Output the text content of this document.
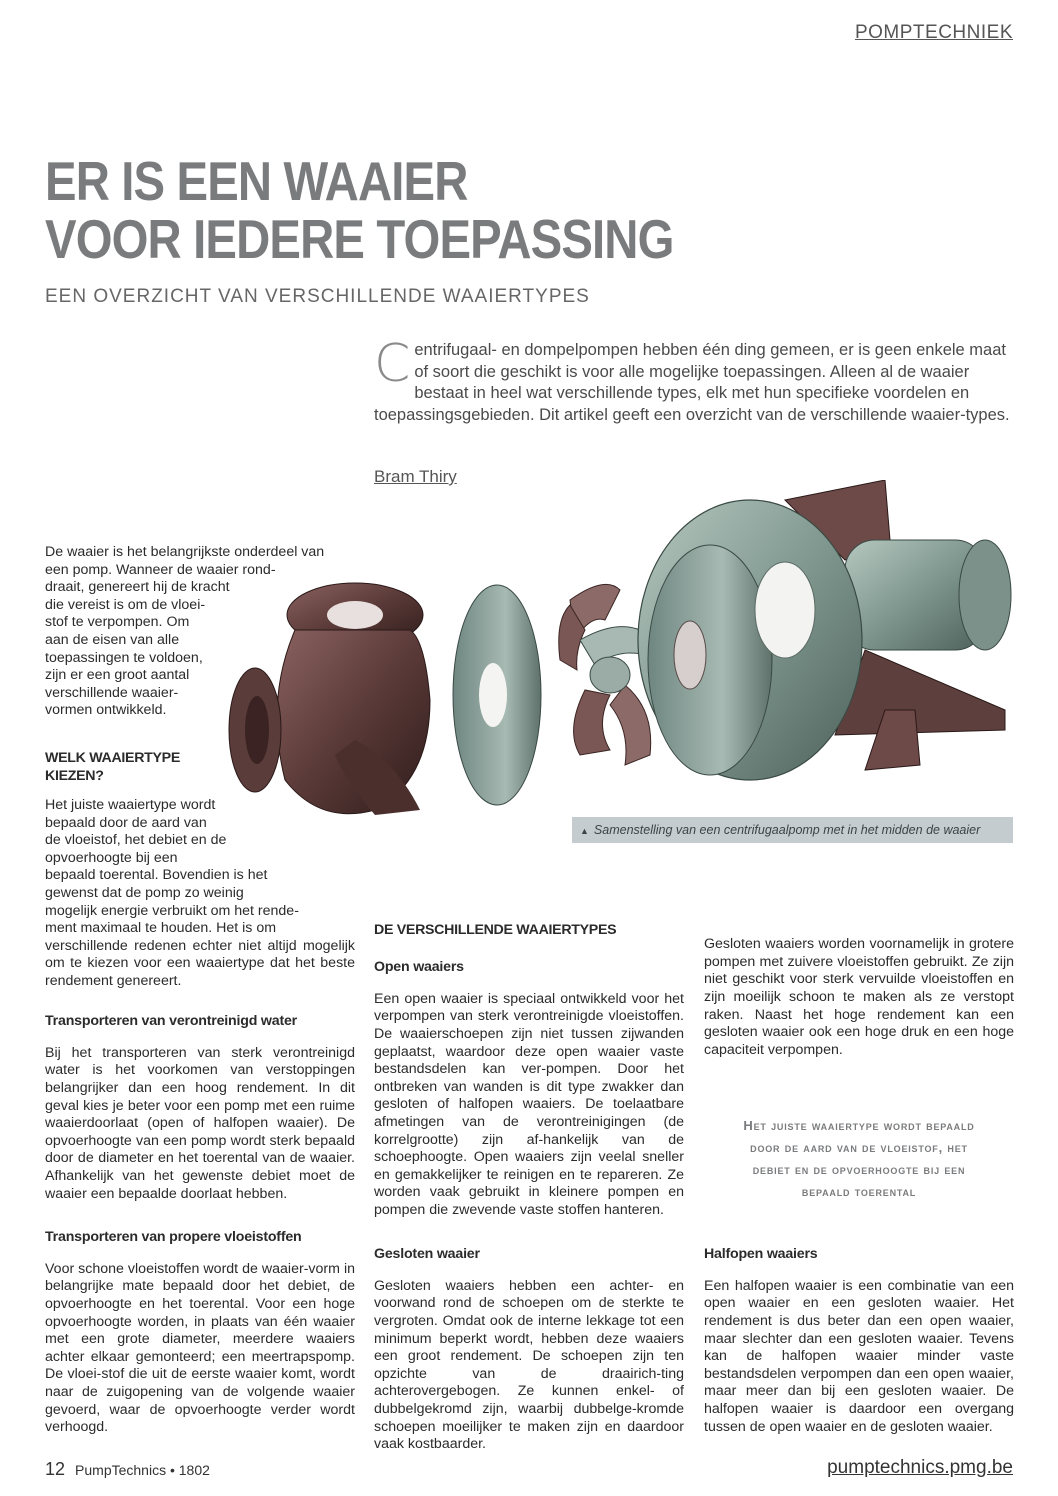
POMPTECHNIEK
ER IS EEN WAAIER
VOOR IEDERE TOEPASSING
EEN OVERZICHT VAN VERSCHILLENDE WAAIERTYPES
Centrifugaal- en dompelpompen hebben één ding gemeen, er is geen enkele maat of soort die geschikt is voor alle mogelijke toepassingen. Alleen al de waaier bestaat in heel wat verschillende types, elk met hun specifieke voordelen en toepassingsgebieden. Dit artikel geeft een overzicht van de verschillende waaier-types.
Bram Thiry
▲ Samenstelling van een centrifugaalpomp met in het midden de waaier
De waaier is het belangrijkste onderdeel van
een pomp. Wanneer de waaier rond-
draait, genereert hij de kracht
die vereist is om de vloei-
stof te verpompen. Om
aan de eisen van alle
toepassingen te voldoen,
zijn er een groot aantal
verschillende waaier-
vormen ontwikkeld.
WELK WAAIERTYPE
KIEZEN?
Het juiste waaiertype wordt
bepaald door de aard van
de vloeistof, het debiet en de
opvoerhoogte bij een
bepaald toerental. Bovendien is het
gewenst dat de pomp zo weinig
mogelijk energie verbruikt om het rende-
ment maximaal te houden. Het is om

verschillende redenen echter niet altijd mogelijk om te kiezen voor een waaiertype dat het beste rendement genereert.

Transporteren van verontreinigd water

Bij het transporteren van sterk verontreinigd water is het voorkomen van verstoppingen belangrijker dan een hoog rendement. In dit geval kies je beter voor een pomp met een ruime waaierdoorlaat (open of halfopen waaier). De opvoerhoogte van een pomp wordt sterk bepaald door de diameter en het toerental van de waaier. Afhankelijk van het gewenste debiet moet de waaier een bepaalde doorlaat hebben.

Transporteren van propere vloeistoffen

Voor schone vloeistoffen wordt de waaier-vorm in belangrijke mate bepaald door het debiet, de opvoerhoogte en het toerental. Voor een hoge opvoerhoogte worden, in plaats van één waaier met een grote diameter, meerdere waaiers achter elkaar gemonteerd; een meertrapspomp. De vloei-stof die uit de eerste waaier komt, wordt naar de zuigopening van de volgende waaier gevoerd, waar de opvoerhoogte verder wordt verhoogd.

DE VERSCHILLENDE WAAIERTYPES
Open waaiers

Een open waaier is speciaal ontwikkeld voor het verpompen van sterk verontreinigde vloeistoffen. De waaierschoepen zijn niet tussen zijwanden geplaatst, waardoor deze open waaier vaste bestandsdelen kan ver-pompen. Door het ontbreken van wanden is dit type zwakker dan gesloten of halfopen waaiers. De toelaatbare afmetingen van de verontreinigingen (de korrelgrootte) zijn af-hankelijk van de schoephoogte. Open waaiers zijn veelal sneller en gemakkelijker te reinigen en te repareren. Ze worden vaak gebruikt in kleinere pompen en pompen die zwevende vaste stoffen hanteren.

Gesloten waaier

Gesloten waaiers hebben een achter- en voorwand rond de schoepen om de sterkte te vergroten. Omdat ook de interne lekkage tot een minimum beperkt wordt, hebben deze waaiers een groot rendement. De schoepen zijn ten opzichte van de draairich-ting achterovergebogen. Ze kunnen enkel- of dubbelgekromd zijn, waarbij dubbelge-kromde schoepen moeilijker te maken zijn en daardoor vaak kostbaarder.

Gesloten waaiers worden voornamelijk in grotere pompen met zuivere vloeistoffen gebruikt. Ze zijn niet geschikt voor sterk vervuilde vloeistoffen en zijn moeilijk schoon te maken als ze verstopt raken. Naast het hoge rendement kan een gesloten waaier ook een hoge druk en een hoge capaciteit verpompen.

Het juiste waaiertype wordt bepaald
door de aard van de vloeistof, het
debiet en de opvoerhoogte bij een
bepaald toerental
Halfopen waaiers

Een halfopen waaier is een combinatie van een open waaier en een gesloten waaier. Het rendement is dus beter dan een open waaier, maar slechter dan een gesloten waaier. Tevens kan de halfopen waaier minder vaste bestandsdelen verpompen dan een open waaier, maar meer dan bij een gesloten waaier. De halfopen waaier is daardoor een overgang tussen de open waaier en de gesloten waaier.

12 PumpTechnics • 1802	pumptechnics.pmg.be
